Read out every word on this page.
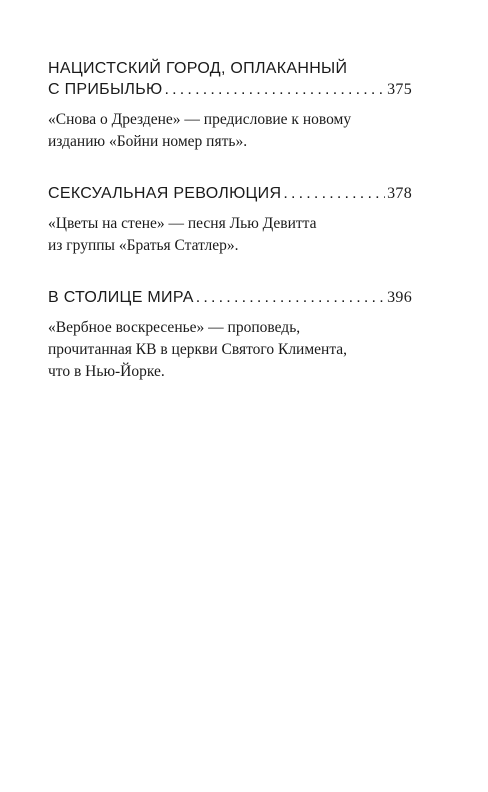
НАЦИСТСКИЙ ГОРОД, ОПЛАКАННЫЙ
С ПРИБЫЛЬЮ .....	375
«Снова о Дрездене» — предисловие к новому
изданию «Бойни номер пять».
СЕКСУАЛЬНАЯ РЕВОЛЮЦИЯ .....	378
«Цветы на стене» — песня Лью Девитта
из группы «Братья Статлер».
В СТОЛИЦЕ МИРА .....	396
«Вербное воскресенье» — проповедь,
прочитанная КВ в церкви Святого Климента,
что в Нью-Йорке.
